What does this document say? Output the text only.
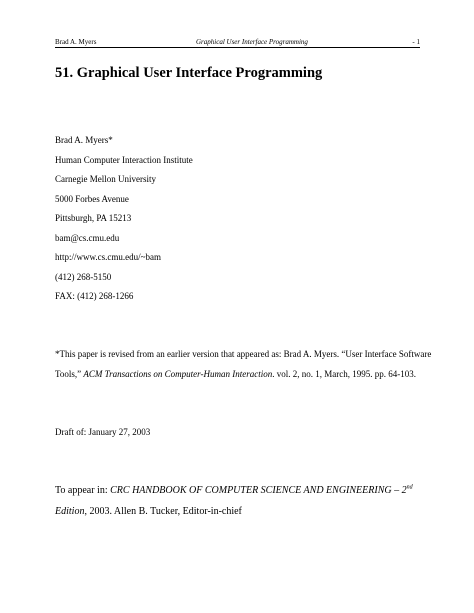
Brad A. Myers	Graphical User Interface Programming	- 1
51. Graphical User Interface Programming

Brad A. Myers*

Human Computer Interaction Institute

Carnegie Mellon University

5000 Forbes Avenue

Pittsburgh, PA 15213

bam@cs.cmu.edu

http://www.cs.cmu.edu/~bam

(412) 268-5150

FAX: (412) 268-1266

*This paper is revised from an earlier version that appeared as: Brad A. Myers. “User Interface Software

Tools,” ACM Transactions on Computer-Human Interaction. vol. 2, no. 1, March, 1995. pp. 64-103.

Draft of: January 27, 2003

To appear in: CRC HANDBOOK OF COMPUTER SCIENCE AND ENGINEERING – 2nd

Edition, 2003. Allen B. Tucker, Editor-in-chief
